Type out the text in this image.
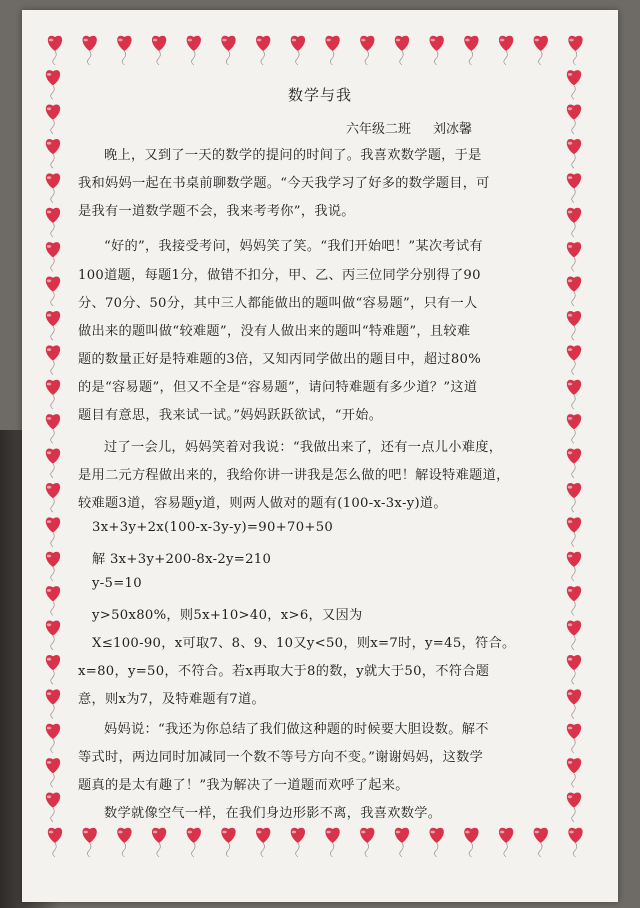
数学与我
六年级二班 刘冰馨
晚上，又到了一天的数学的提问的时间了。我喜欢数学题，于是
我和妈妈一起在书桌前聊数学题。“今天我学习了好多的数学题目，可
是我有一道数学题不会，我来考考你”，我说。
“好的”，我接受考问，妈妈笑了笑。“我们开始吧！”某次考试有
100道题，每题1分，做错不扣分，甲、乙、丙三位同学分别得了90
分、70分、50分，其中三人都能做出的题叫做“容易题”，只有一人
做出来的题叫做“较难题”，没有人做出来的题叫“特难题”，且较难
题的数量正好是特难题的3倍，又知丙同学做出的题目中，超过80%
的是“容易题”，但又不全是“容易题”，请问特难题有多少道？”这道
题目有意思，我来试一试。”妈妈跃跃欲试，“开始。
过了一会儿，妈妈笑着对我说：“我做出来了，还有一点儿小难度，
是用二元方程做出来的，我给你讲一讲我是怎么做的吧！解设特难题道，
较难题3道，容易题y道，则两人做对的题有(100-x-3x-y)道。
3x+3y+2x(100-x-3y-y)=90+70+50
解 3x+3y+200-8x-2y=210
y-5=10
y>50x80%，则5x+10>40，x>6，又因为
X≤100-90，x可取7、8、9、10又y<50，则x=7时，y=45，符合。
x=80，y=50，不符合。若x再取大于8的数，y就大于50，不符合题
意，则x为7，及特难题有7道。
妈妈说：“我还为你总结了我们做这种题的时候要大胆设数。解不
等式时，两边同时加减同一个数不等号方向不变。”谢谢妈妈，这数学
题真的是太有趣了！”我为解决了一道题而欢呼了起来。
数学就像空气一样，在我们身边形影不离，我喜欢数学。
